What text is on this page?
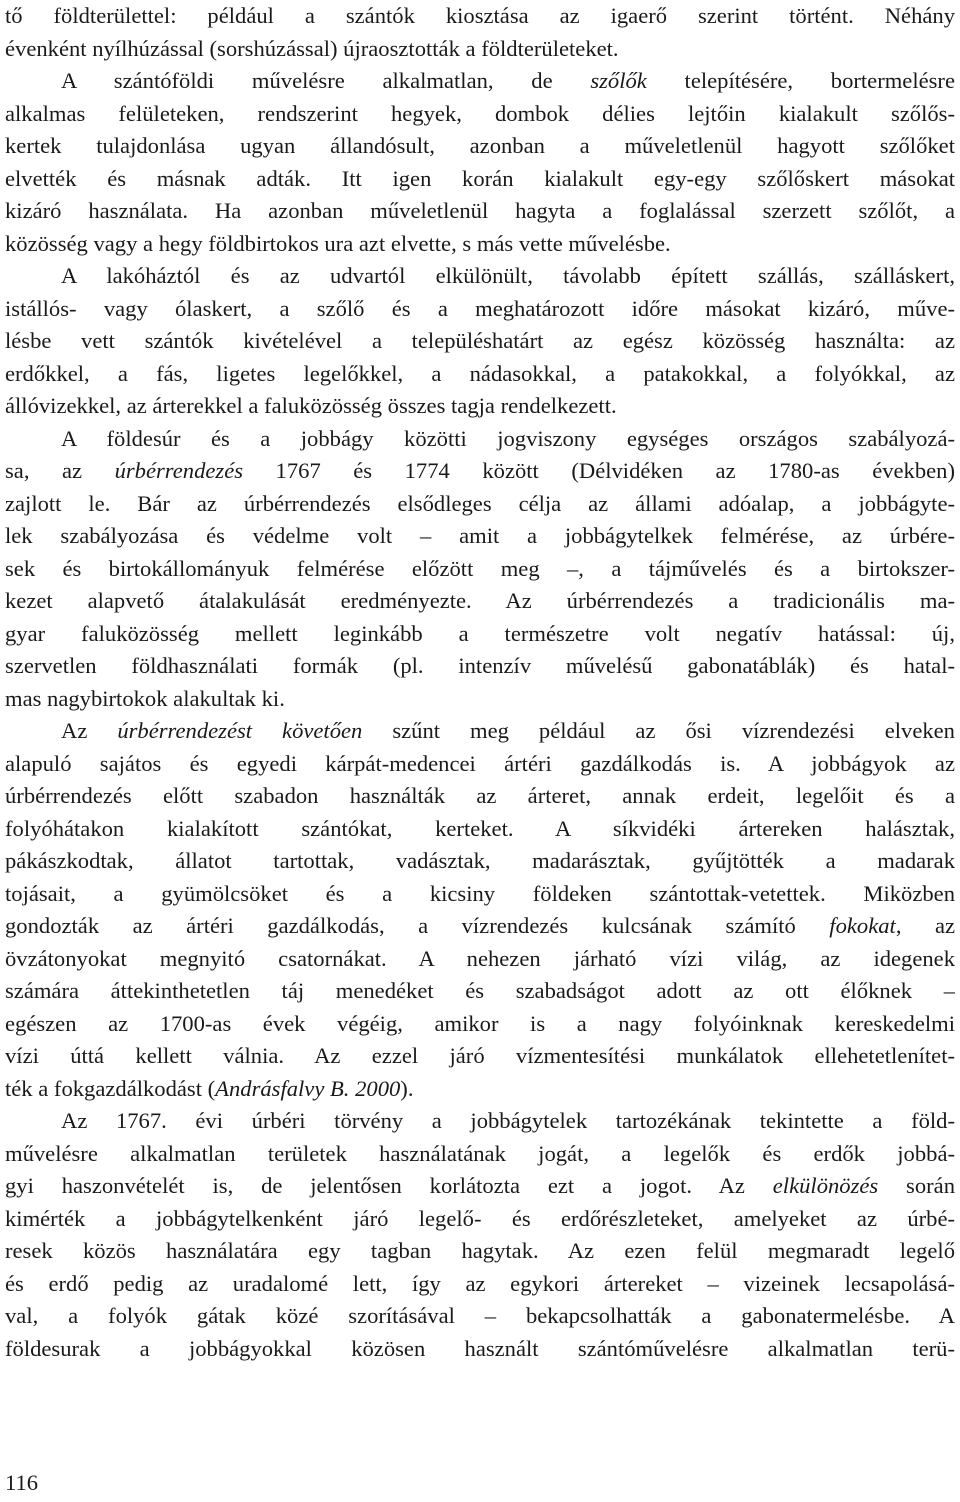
tő földterülettel: például a szántók kiosztása az igaerő szerint történt. Néhány
évenként nyílhúzással (sorshúzással) újraosztották a földterületeket.
A szántóföldi művelésre alkalmatlan, de szőlők telepítésére, bortermelésre
alkalmas felületeken, rendszerint hegyek, dombok délies lejtőin kialakult szőlős-
kertek tulajdonlása ugyan állandósult, azonban a műveletlenül hagyott szőlőket
elvették és másnak adták. Itt igen korán kialakult egy-egy szőlőskert másokat
kizáró használata. Ha azonban műveletlenül hagyta a foglalással szerzett szőlőt, a
közösség vagy a hegy földbirtokos ura azt elvette, s más vette művelésbe.
A lakóháztól és az udvartól elkülönült, távolabb épített szállás, szálláskert,
istállós- vagy ólaskert, a szőlő és a meghatározott időre másokat kizáró, műve-
lésbe vett szántók kivételével a településhatárt az egész közösség használta: az
erdőkkel, a fás, ligetes legelőkkel, a nádasokkal, a patakokkal, a folyókkal, az
állóvizekkel, az árterekkel a faluközösség összes tagja rendelkezett.
A földesúr és a jobbágy közötti jogviszony egységes országos szabályozá-
sa, az úrbérrendezés 1767 és 1774 között (Délvidéken az 1780-as években)
zajlott le. Bár az úrbérrendezés elsődleges célja az állami adóalap, a jobbágyte-
lek szabályozása és védelme volt – amit a jobbágytelkek felmérése, az úrbére-
sek és birtokállományuk felmérése előzött meg –, a tájművelés és a birtokszer-
kezet alapvető átalakulását eredményezte. Az úrbérrendezés a tradicionális ma-
gyar faluközösség mellett leginkább a természetre volt negatív hatással: új,
szervetlen földhasználati formák (pl. intenzív művelésű gabonatáblák) és hatal-
mas nagybirtokok alakultak ki.
Az úrbérrendezést követően szűnt meg például az ősi vízrendezési elveken
alapuló sajátos és egyedi kárpát-medencei ártéri gazdálkodás is. A jobbágyok az
úrbérrendezés előtt szabadon használták az árteret, annak erdeit, legelőit és a
folyóhátakon kialakított szántókat, kerteket. A síkvidéki ártereken halásztak,
pákászkodtak, állatot tartottak, vadásztak, madarásztak, gyűjtötték a madarak
tojásait, a gyümölcsöket és a kicsiny földeken szántottak-vetettek. Miközben
gondozták az ártéri gazdálkodás, a vízrendezés kulcsának számító fokokat, az
övzátonyokat megnyitó csatornákat. A nehezen járható vízi világ, az idegenek
számára áttekinthetetlen táj menedéket és szabadságot adott az ott élőknek –
egészen az 1700-as évek végéig, amikor is a nagy folyóinknak kereskedelmi
vízi úttá kellett válnia. Az ezzel járó vízmentesítési munkálatok ellehetetlenítet-
ték a fokgazdálkodást (Andrásfalvy B. 2000).
Az 1767. évi úrbéri törvény a jobbágytelek tartozékának tekintette a föld-
művelésre alkalmatlan területek használatának jogát, a legelők és erdők jobbá-
gyi haszonvételét is, de jelentősen korlátozta ezt a jogot. Az elkülönözés során
kimérték a jobbágytelkenként járó legelő- és erdőrészleteket, amelyeket az úrbé-
resek közös használatára egy tagban hagytak. Az ezen felül megmaradt legelő
és erdő pedig az uradalomé lett, így az egykori ártereket – vizeinek lecsapolásá-
val, a folyók gátak közé szorításával – bekapcsolhatták a gabonatermelésbe. A
földesurak a jobbágyokkal közösen használt szántóművelésre alkalmatlan terü-
116
